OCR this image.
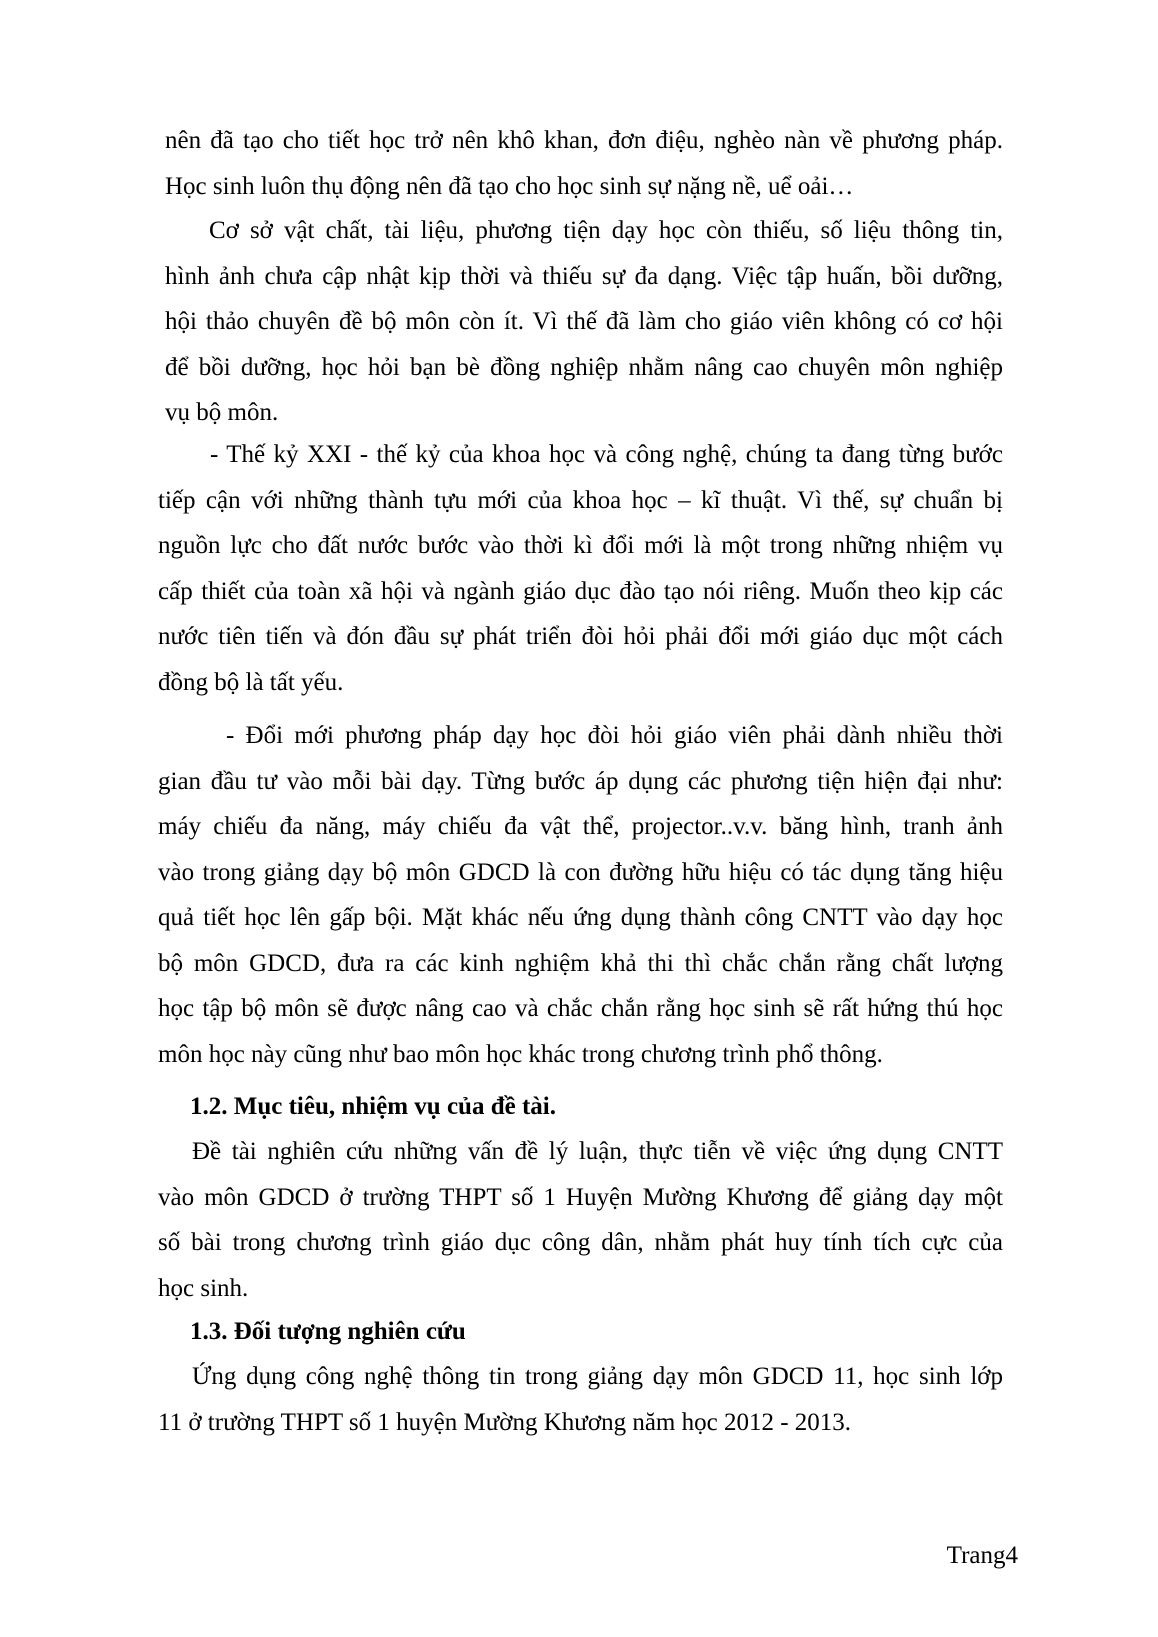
nên đã tạo cho tiết học trở nên khô khan, đơn điệu, nghèo nàn về phương pháp.
Học sinh luôn thụ động nên đã tạo cho học sinh sự nặng nề, uể oải…
Cơ sở vật chất, tài liệu, phương tiện dạy học còn thiếu, số liệu thông tin,
hình ảnh chưa cập nhật kịp thời và thiếu sự đa dạng. Việc tập huấn, bồi dưỡng,
hội thảo chuyên đề bộ môn còn ít. Vì thế đã làm cho giáo viên không có cơ hội
để bồi dưỡng, học hỏi bạn bè đồng nghiệp nhằm nâng cao chuyên môn nghiệp
vụ bộ môn.
- Thế kỷ XXI - thế kỷ của khoa học và công nghệ, chúng ta đang từng bước
tiếp cận với những thành tựu mới của khoa học – kĩ thuật. Vì thế, sự chuẩn bị
nguồn lực cho đất nước bước vào thời kì đổi mới là một trong những nhiệm vụ
cấp thiết của toàn xã hội và ngành giáo dục đào tạo nói riêng. Muốn theo kịp các
nước tiên tiến và đón đầu sự phát triển đòi hỏi phải đổi mới giáo dục một cách
đồng bộ là tất yếu.
- Đổi mới phương pháp dạy học đòi hỏi giáo viên phải dành nhiều thời
gian đầu tư vào mỗi bài dạy. Từng bước áp dụng các phương tiện hiện đại như:
máy chiếu đa năng, máy chiếu đa vật thể, projector..v.v. băng hình, tranh ảnh
vào trong giảng dạy bộ môn GDCD là con đường hữu hiệu có tác dụng tăng hiệu
quả tiết học lên gấp bội. Mặt khác nếu ứng dụng thành công CNTT vào dạy học
bộ môn GDCD, đưa ra các kinh nghiệm khả thi thì chắc chắn rằng chất lượng
học tập bộ môn sẽ được nâng cao và chắc chắn rằng học sinh sẽ rất hứng thú học
môn học này cũng như bao môn học khác trong chương trình phổ thông.
1.2. Mục tiêu, nhiệm vụ của đề tài.
Đề tài nghiên cứu những vấn đề lý luận, thực tiễn về việc ứng dụng CNTT
vào môn GDCD ở trường THPT số 1 Huyện Mường Khương để giảng dạy một
số bài trong chương trình giáo dục công dân, nhằm phát huy tính tích cực của
học sinh.
1.3. Đối tượng nghiên cứu
Ứng dụng công nghệ thông tin trong giảng dạy môn GDCD 11, học sinh lớp
11 ở trường THPT số 1 huyện Mường Khương năm học 2012 - 2013.
Trang4
